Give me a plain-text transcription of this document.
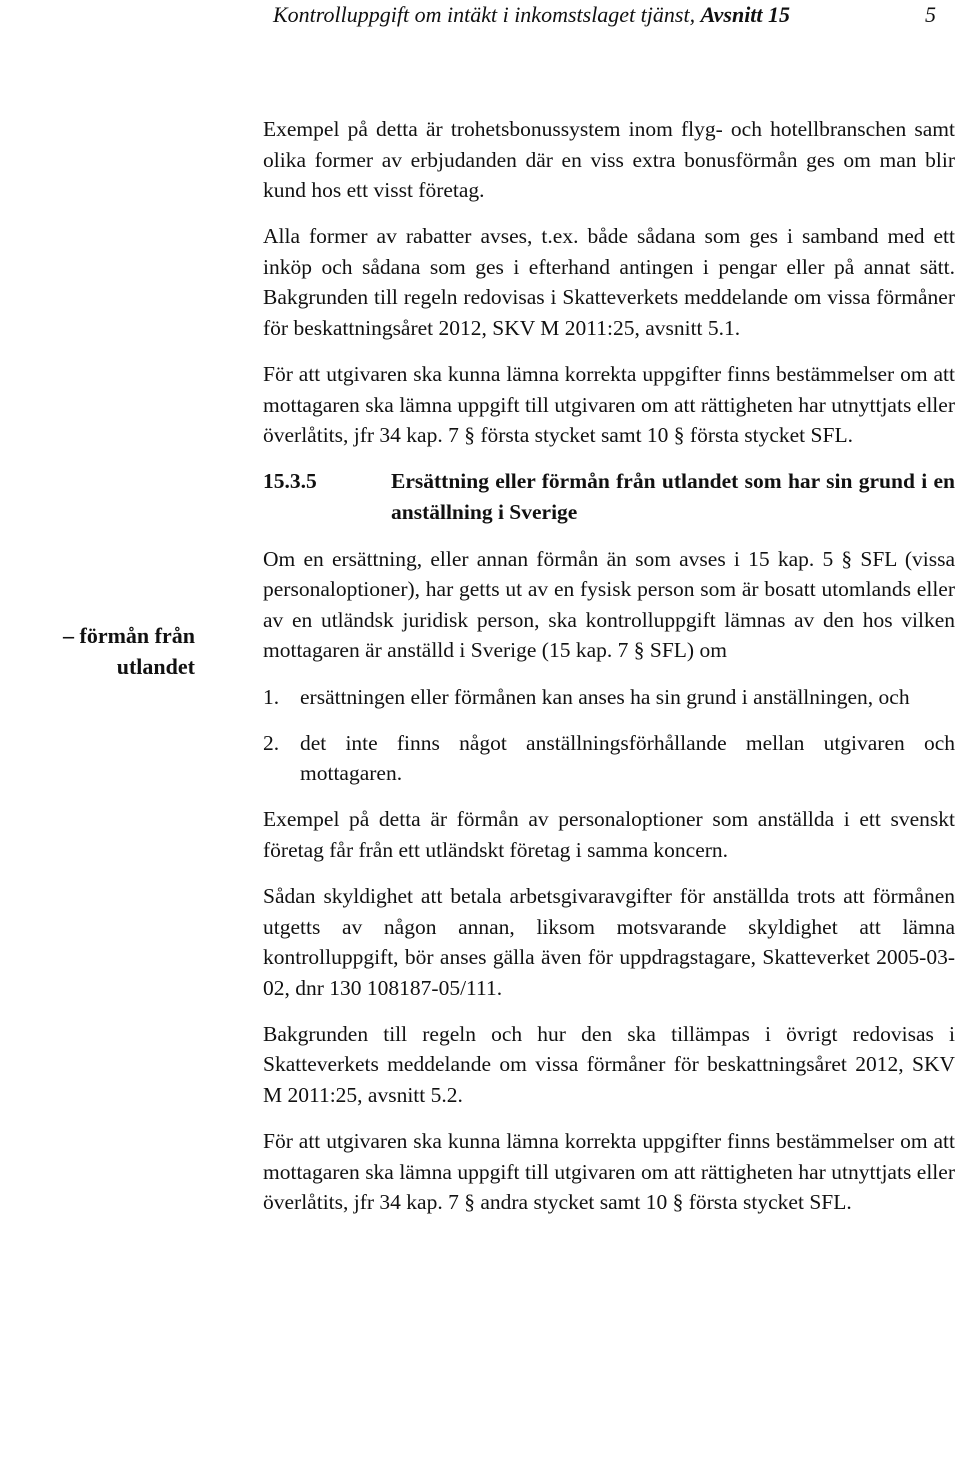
Kontrolluppgift om intäkt i inkomstslaget tjänst, Avsnitt 15	5
– förmån från
utlandet

Exempel på detta är trohetsbonussystem inom flyg- och hotellbranschen samt olika former av erbjudanden där en viss extra bonusförmån ges om man blir kund hos ett visst företag.

Alla former av rabatter avses, t.ex. både sådana som ges i samband med ett inköp och sådana som ges i efterhand antingen i pengar eller på annat sätt. Bakgrunden till regeln redovisas i Skatteverkets meddelande om vissa förmåner för beskattningsåret 2012, SKV M 2011:25, avsnitt 5.1.

För att utgivaren ska kunna lämna korrekta uppgifter finns bestämmelser om att mottagaren ska lämna uppgift till utgivaren om att rättigheten har utnyttjats eller överlåtits, jfr 34 kap. 7 § första stycket samt 10 § första stycket SFL.

15.3.5	Ersättning eller förmån från utlandet som har sin grund i en anställning i Sverige

Om en ersättning, eller annan förmån än som avses i 15 kap. 5 § SFL (vissa personaloptioner), har getts ut av en fysisk person som är bosatt utomlands eller av en utländsk juridisk person, ska kontrolluppgift lämnas av den hos vilken mottagaren är anställd i Sverige (15 kap. 7 § SFL) om

1. ersättningen eller förmånen kan anses ha sin grund i anställningen, och
2. det inte finns något anställningsförhållande mellan utgivaren och mottagaren.

Exempel på detta är förmån av personaloptioner som anställda i ett svenskt företag får från ett utländskt företag i samma koncern.

Sådan skyldighet att betala arbetsgivaravgifter för anställda trots att förmånen utgetts av någon annan, liksom motsvarande skyldighet att lämna kontrolluppgift, bör anses gälla även för uppdragstagare, Skatteverket 2005-03-02, dnr 130 108187-05/111.

Bakgrunden till regeln och hur den ska tillämpas i övrigt redovisas i Skatteverkets meddelande om vissa förmåner för beskattningsåret 2012, SKV M 2011:25, avsnitt 5.2.

För att utgivaren ska kunna lämna korrekta uppgifter finns bestämmelser om att mottagaren ska lämna uppgift till utgivaren om att rättigheten har utnyttjats eller överlåtits, jfr 34 kap. 7 § andra stycket samt 10 § första stycket SFL.
